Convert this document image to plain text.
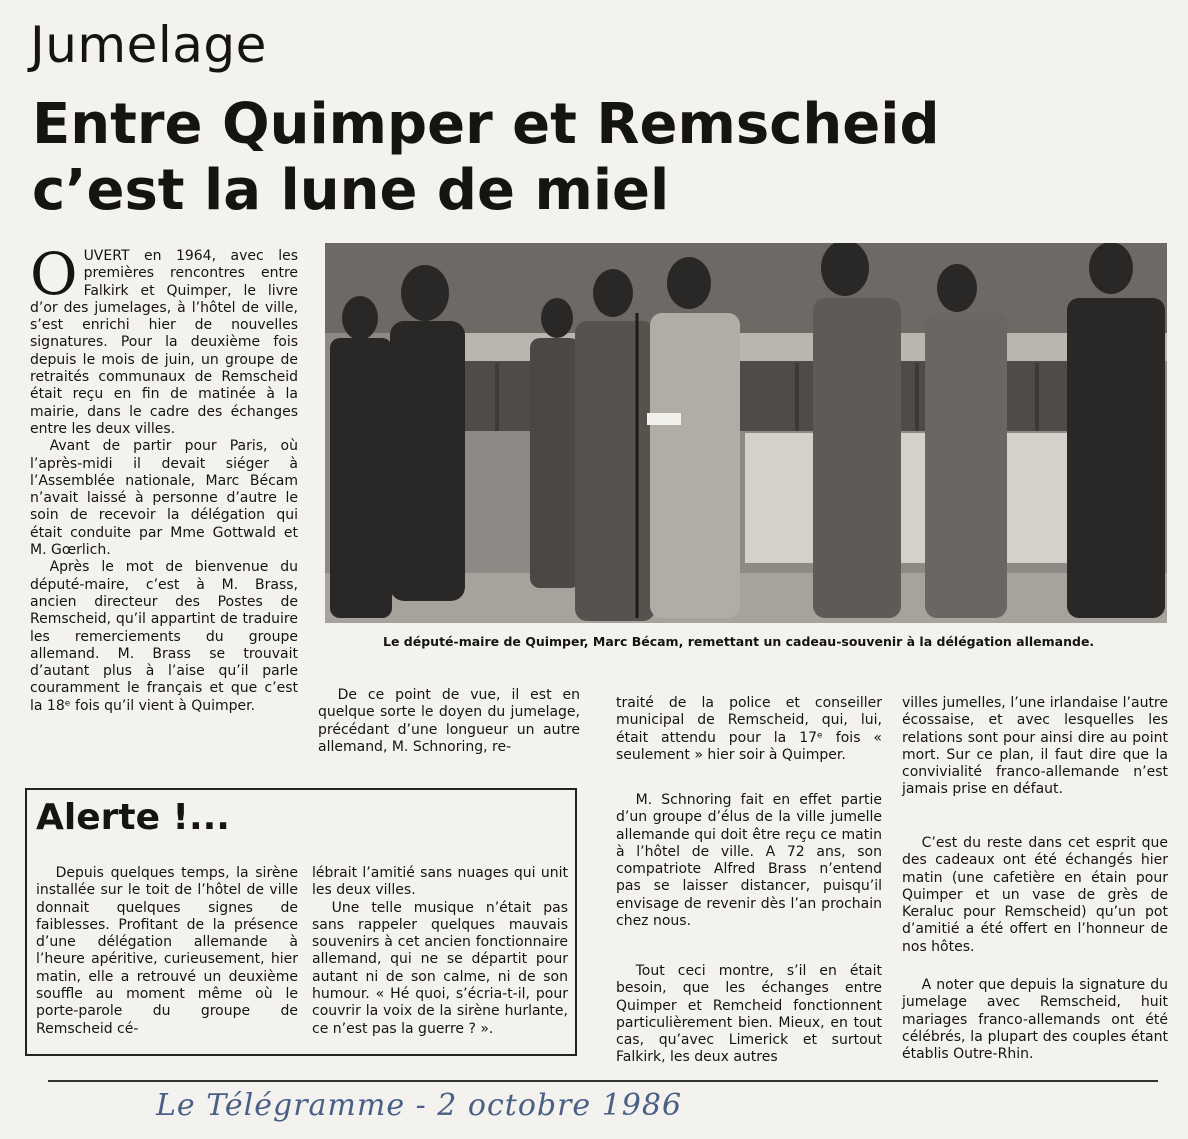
Jumelage
Entre Quimper et Remscheid
c’est la lune de miel

OUVERT en 1964, avec les premières rencontres entre Falkirk et Quimper, le livre d’or des jumelages, à l’hôtel de ville, s’est enrichi hier de nouvelles signatures. Pour la deuxième fois depuis le mois de juin, un groupe de retraités communaux de Remscheid était reçu en fin de matinée à la mairie, dans le cadre des échanges entre les deux villes.

Avant de partir pour Paris, où l’après-midi il devait siéger à l’Assemblée nationale, Marc Bécam n’avait laissé à personne d’autre le soin de recevoir la délégation qui était conduite par Mme Gottwald et M. Gœrlich.

Après le mot de bienvenue du député-maire, c’est à M. Brass, ancien directeur des Postes de Remscheid, qu’il appartint de traduire les remerciements du groupe allemand. M. Brass se trouvait d’autant plus à l’aise qu’il parle couramment le français et que c’est la 18ᵉ fois qu’il vient à Quimper.

Le député-maire de Quimper, Marc Bécam, remettant un cadeau-souvenir à la délégation allemande.

De ce point de vue, il est en quelque sorte le doyen du jumelage, précédant d’une longueur un autre allemand, M. Schnoring, re-

traité de la police et conseiller municipal de Remscheid, qui, lui, était attendu pour la 17ᵉ fois « seulement » hier soir à Quimper.

M. Schnoring fait en effet partie d’un groupe d’élus de la ville jumelle allemande qui doit être reçu ce matin à l’hôtel de ville. A 72 ans, son compatriote Alfred Brass n’entend pas se laisser distancer, puisqu’il envisage de revenir dès l’an prochain chez nous.

Tout ceci montre, s’il en était besoin, que les échanges entre Quimper et Remcheid fonctionnent particulièrement bien. Mieux, en tout cas, qu’avec Limerick et surtout Falkirk, les deux autres

villes jumelles, l’une irlandaise l’autre écossaise, et avec lesquelles les relations sont pour ainsi dire au point mort. Sur ce plan, il faut dire que la convivialité franco-allemande n’est jamais prise en défaut.

C’est du reste dans cet esprit que des cadeaux ont été échangés hier matin (une cafetière en étain pour Quimper et un vase de grès de Keraluc pour Remscheid) qu’un pot d’amitié a été offert en l’honneur de nos hôtes.

A noter que depuis la signature du jumelage avec Remscheid, huit mariages franco-allemands ont été célébrés, la plupart des couples étant établis Outre-Rhin.

Alerte !...

Depuis quelques temps, la sirène installée sur le toit de l’hôtel de ville donnait quelques signes de faiblesses. Profitant de la présence d’une délégation allemande à l’heure apéritive, curieusement, hier matin, elle a retrouvé un deuxième souffle au moment même où le porte-parole du groupe de Remscheid cé-

lébrait l’amitié sans nuages qui unit les deux villes.

Une telle musique n’était pas sans rappeler quelques mauvais souvenirs à cet ancien fonctionnaire allemand, qui ne se départit pour autant ni de son calme, ni de son humour. « Hé quoi, s’écria-t-il, pour couvrir la voix de la sirène hurlante, ce n’est pas la guerre ? ».

Le Télégramme - 2 octobre 1986
